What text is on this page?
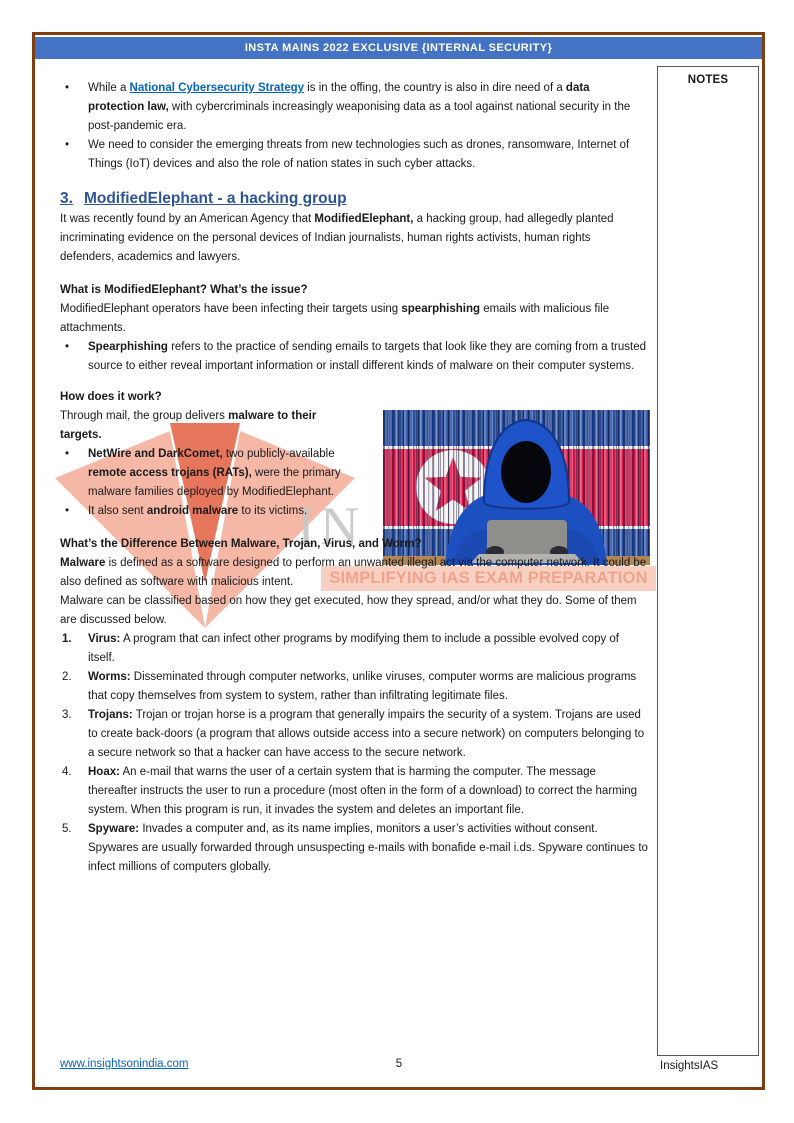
INSTA MAINS 2022 EXCLUSIVE {INTERNAL SECURITY}
NOTES
IN
SIMPLIFYING IAS EXAM PREPARATION
•	While a National Cybersecurity Strategy is in the offing, the country is also in dire need of a data protection law, with cybercriminals increasingly weaponising data as a tool against national security in the post-pandemic era.
•	We need to consider the emerging threats from new technologies such as drones, ransomware, Internet of Things (IoT) devices and also the role of nation states in such cyber attacks.
3. ModifiedElephant - a hacking group

It was recently found by an American Agency that ModifiedElephant, a hacking group, had allegedly planted incriminating evidence on the personal devices of Indian journalists, human rights activists, human rights defenders, academics and lawyers.

What is ModifiedElephant? What’s the issue?

ModifiedElephant operators have been infecting their targets using spearphishing emails with malicious file attachments.

•	Spearphishing refers to the practice of sending emails to targets that look like they are coming from a trusted source to either reveal important information or install different kinds of malware on their computer systems.

How does it work?

Through mail, the group delivers malware to their targets.

•	NetWire and DarkComet, two publicly-available remote access trojans (RATs), were the primary malware families deployed by ModifiedElephant.
•	It also sent android malware to its victims.

What’s the Difference Between Malware, Trojan, Virus, and Worm?

Malware is defined as a software designed to perform an unwanted illegal act via the computer network. It could be also defined as software with malicious intent.

Malware can be classified based on how they get executed, how they spread, and/or what they do. Some of them are discussed below.

1.	Virus: A program that can infect other programs by modifying them to include a possible evolved copy of itself.
2.	Worms: Disseminated through computer networks, unlike viruses, computer worms are malicious programs that copy themselves from system to system, rather than infiltrating legitimate files.
3.	Trojans: Trojan or trojan horse is a program that generally impairs the security of a system. Trojans are used to create back-doors (a program that allows outside access into a secure network) on computers belonging to a secure network so that a hacker can have access to the secure network.
4.	Hoax: An e-mail that warns the user of a certain system that is harming the computer. The message thereafter instructs the user to run a procedure (most often in the form of a download) to correct the harming system. When this program is run, it invades the system and deletes an important file.
5.	Spyware: Invades a computer and, as its name implies, monitors a user’s activities without consent. Spywares are usually forwarded through unsuspecting e-mails with bonafide e-mail i.ds. Spyware continues to infect millions of computers globally.
www.insightsonindia.com	5	InsightsIAS
